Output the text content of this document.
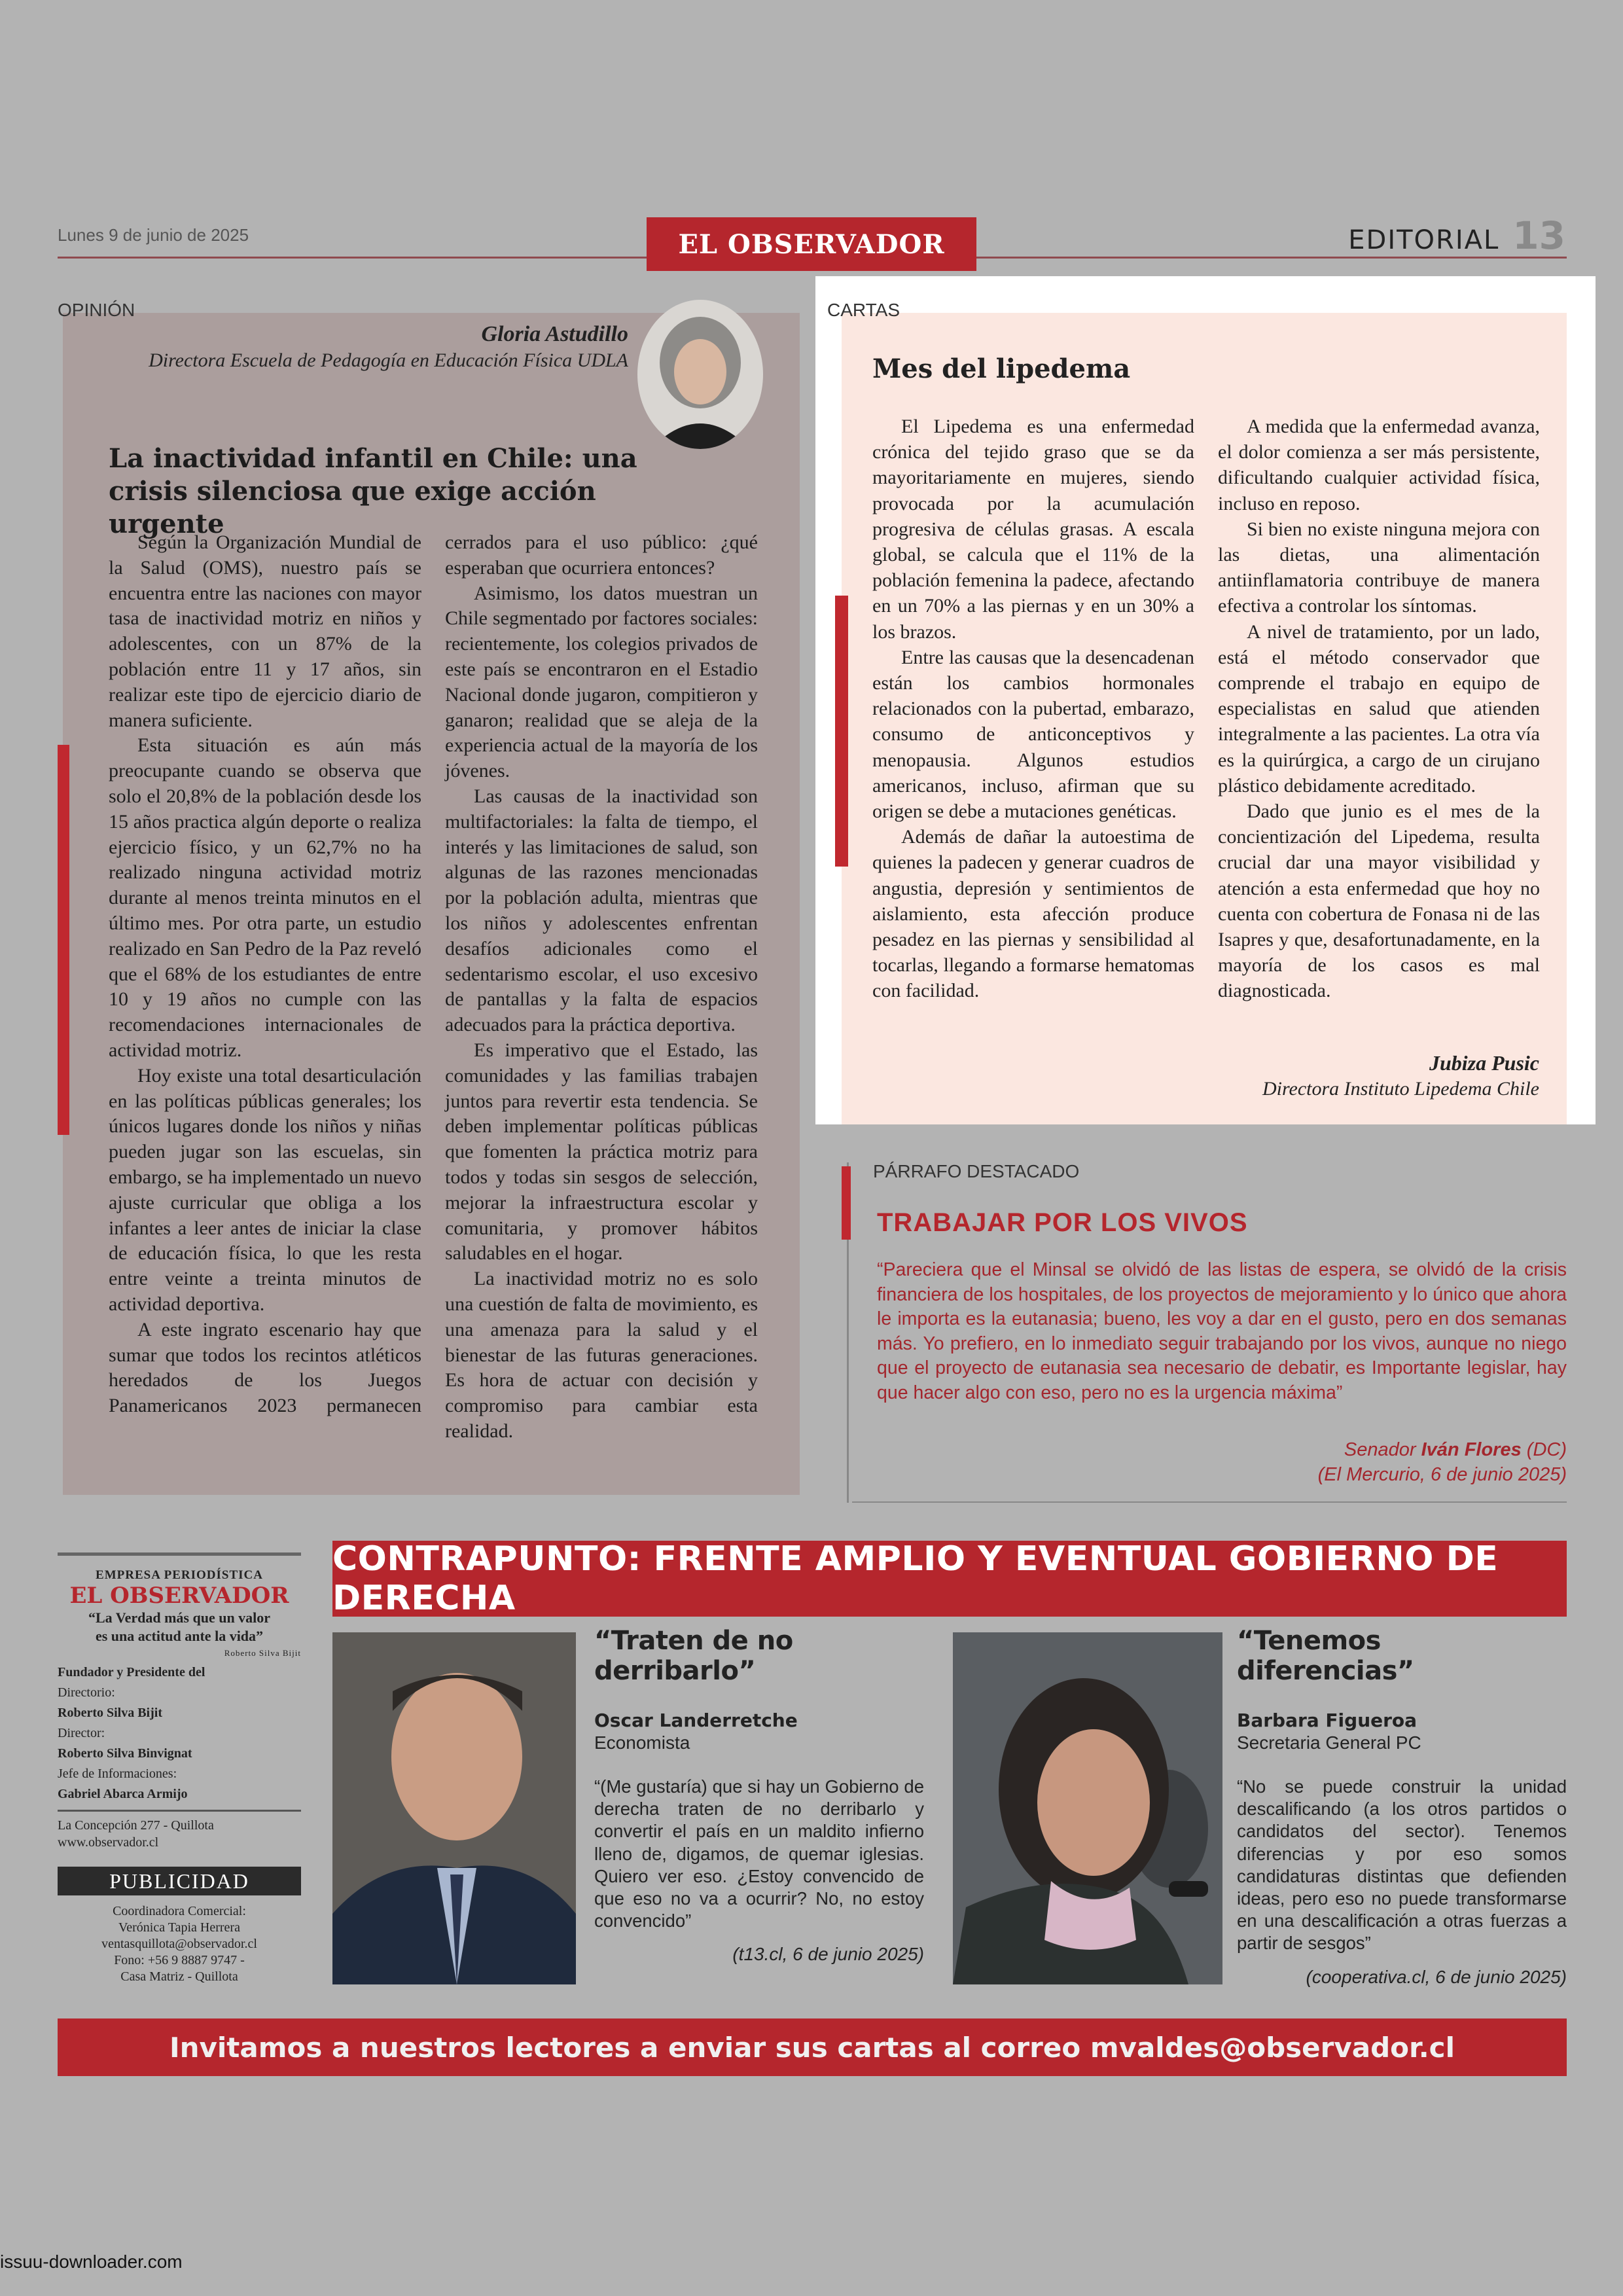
Lunes 9 de junio de 2025	EL OBSERVADOR	EDITORIAL 13
OPINIÓN
Gloria Astudillo
Directora Escuela de Pedagogía en Educación Física UDLA
La inactividad infantil en Chile: una crisis silenciosa que exige acción urgente

Según la Organización Mundial de la Salud (OMS), nuestro país se encuentra entre las naciones con mayor tasa de inactividad motriz en niños y adolescentes, con un 87% de la población entre 11 y 17 años, sin realizar este tipo de ejercicio diario de manera suficiente.

Esta situación es aún más preocupante cuando se observa que solo el 20,8% de la población desde los 15 años practica algún deporte o realiza ejercicio físico, y un 62,7% no ha realizado ninguna actividad motriz durante al menos treinta minutos en el último mes. Por otra parte, un estudio realizado en San Pedro de la Paz reveló que el 68% de los estudiantes de entre 10 y 19 años no cumple con las recomendaciones internacionales de actividad motriz.

Hoy existe una total desarticulación en las políticas públicas generales; los únicos lugares donde los niños y niñas pueden jugar son las escuelas, sin embargo, se ha implementado un nuevo ajuste curricular que obliga a los infantes a leer antes de iniciar la clase de educación física, lo que les resta entre veinte a treinta minutos de actividad deportiva.

A este ingrato escenario hay que sumar que todos los recintos atléticos heredados de los Juegos Panamericanos 2023 permanecen cerrados para el uso público: ¿qué esperaban que ocurriera entonces?

Asimismo, los datos muestran un Chile segmentado por factores sociales: recientemente, los colegios privados de este país se encontraron en el Estadio Nacional donde jugaron, compitieron y ganaron; realidad que se aleja de la experiencia actual de la mayoría de los jóvenes.

Las causas de la inactividad son multifactoriales: la falta de tiempo, el interés y las limitaciones de salud, son algunas de las razones mencionadas por la población adulta, mientras que los niños y adolescentes enfrentan desafíos adicionales como el sedentarismo escolar, el uso excesivo de pantallas y la falta de espacios adecuados para la práctica deportiva.

Es imperativo que el Estado, las comunidades y las familias trabajen juntos para revertir esta tendencia. Se deben implementar políticas públicas que fomenten la práctica motriz para todos y todas sin sesgos de selección, mejorar la infraestructura escolar y comunitaria, y promover hábitos saludables en el hogar.

La inactividad motriz no es solo una cuestión de falta de movimiento, es una amenaza para la salud y el bienestar de las futuras generaciones. Es hora de actuar con decisión y compromiso para cambiar esta realidad.

CARTAS
Mes del lipedema

El Lipedema es una enfermedad crónica del tejido graso que se da mayoritariamente en mujeres, siendo provocada por la acumulación progresiva de células grasas. A escala global, se calcula que el 11% de la población femenina la padece, afectando en un 70% a las piernas y en un 30% a los brazos.

Entre las causas que la desencadenan están los cambios hormonales relacionados con la pubertad, embarazo, consumo de anticonceptivos y menopausia. Algunos estudios americanos, incluso, afirman que su origen se debe a mutaciones genéticas.

Además de dañar la autoestima de quienes la padecen y generar cuadros de angustia, depresión y sentimientos de aislamiento, esta afección produce pesadez en las piernas y sensibilidad al tocarlas, llegando a formarse hematomas con facilidad.

A medida que la enfermedad avanza, el dolor comienza a ser más persistente, dificultando cualquier actividad física, incluso en reposo.

Si bien no existe ninguna mejora con las dietas, una alimentación antiinflamatoria contribuye de manera efectiva a controlar los síntomas.

A nivel de tratamiento, por un lado, está el método conservador que comprende el trabajo en equipo de especialistas en salud que atienden integralmente a las pacientes. La otra vía es la quirúrgica, a cargo de un cirujano plástico debidamente acreditado.

Dado que junio es el mes de la concientización del Lipedema, resulta crucial dar una mayor visibilidad y atención a esta enfermedad que hoy no cuenta con cobertura de Fonasa ni de las Isapres y que, desafortunadamente, en la mayoría de los casos es mal diagnosticada.

Jubiza Pusic
Directora Instituto Lipedema Chile
PÁRRAFO DESTACADO
TRABAJAR POR LOS VIVOS
“Pareciera que el Minsal se olvidó de las listas de espera, se olvidó de la crisis financiera de los hospitales, de los proyectos de mejoramiento y lo único que ahora le importa es la eutanasia; bueno, les voy a dar en el gusto, pero en dos semanas más. Yo prefiero, en lo inmediato seguir trabajando por los vivos, aunque no niego que el proyecto de eutanasia sea necesario de debatir, es Importante legislar, hay que hacer algo con eso, pero no es la urgencia máxima”
Senador Iván Flores (DC)
(El Mercurio, 6 de junio 2025)
EMPRESA PERIODÍSTICA
EL OBSERVADOR
“La Verdad más que un valor
es una actitud ante la vida”
Roberto Silva Bijit
Fundador y Presidente del
Directorio:
Roberto Silva Bijit
Director:
Roberto Silva Binvignat
Jefe de Informaciones:
Gabriel Abarca Armijo
La Concepción 277 - Quillota
www.observador.cl
PUBLICIDAD
Coordinadora Comercial:
Verónica Tapia Herrera
ventasquillota@observador.cl
Fono: +56 9 8887 9747 -
Casa Matriz - Quillota
CONTRAPUNTO: FRENTE AMPLIO Y EVENTUAL GOBIERNO DE DERECHA
“Traten de no derribarlo”
Oscar Landerretche
Economista
“(Me gustaría) que si hay un Gobierno de derecha traten de no derribarlo y convertir el país en un maldito infierno lleno de, digamos, de quemar iglesias. Quiero ver eso. ¿Estoy convencido de que eso no va a ocurrir? No, no estoy convencido”
(t13.cl, 6 de junio 2025)
“Tenemos diferencias”
Barbara Figueroa
Secretaria General PC
“No se puede construir la unidad descalificando (a los otros partidos o candidatos del sector). Tenemos diferencias y por eso somos candidaturas distintas que defienden ideas, pero eso no puede transformarse en una descalificación a otras fuerzas a partir de sesgos”
(cooperativa.cl, 6 de junio 2025)
Invitamos a nuestros lectores a enviar sus cartas al correo mvaldes@observador.cl
issuu-downloader.com
